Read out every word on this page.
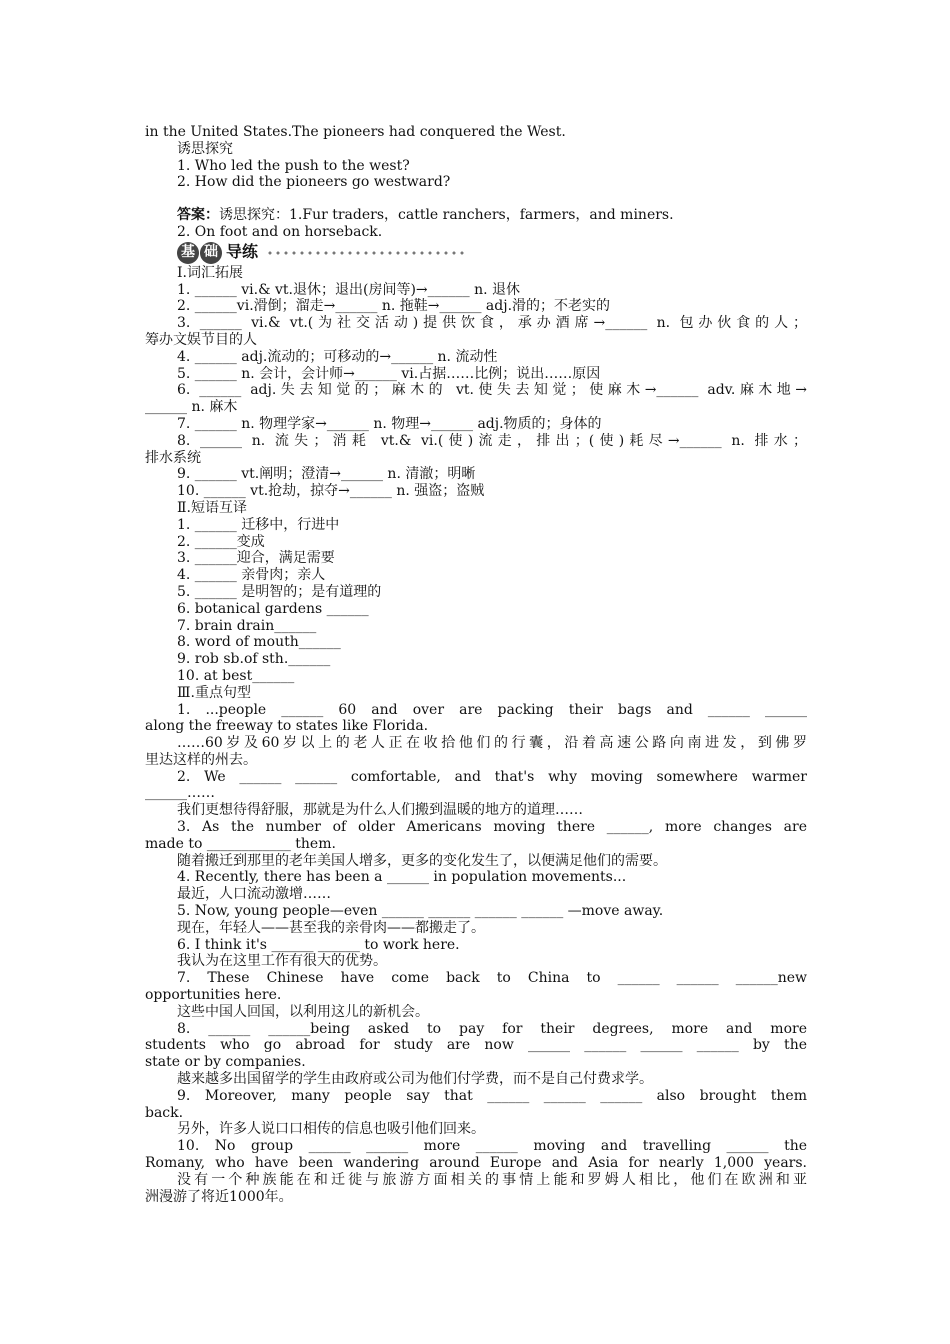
in the United States.The pioneers had conquered the West.
诱思探究
1. Who led the push to the west?
2. How did the pioneers go westward?
答案：诱思探究：1.Fur traders，cattle ranchers，farmers，and miners.
2. On foot and on horseback.
基 础 导练
Ⅰ.词汇拓展
1. ______ vi.& vt.退休；退出(房间等)→______ n. 退休
2. ______vi.滑倒；溜走→______ n. 拖鞋→______ adj.滑的；不老实的
3. ______ vi.& vt.(为社交活动)提供饮食，承办酒席→______ n. 包办伙食的人；
筹办文娱节目的人
4. ______ adj.流动的；可移动的→______ n. 流动性
5. ______ n. 会计，会计师→______ vi.占据……比例；说出……原因
6. ______ adj.失去知觉的；麻木的 vt.使失去知觉；使麻木→______ adv.麻木地→
______ n. 麻木
7. ______ n. 物理学家→______ n. 物理→______ adj.物质的；身体的
8. ______ n. 流失；消耗 vt.& vi.(使)流走，排出；(使)耗尽→______ n. 排水；
排水系统
9. ______ vt.阐明；澄清→______ n. 清澈；明晰
10. ______ vt.抢劫，掠夺→______ n. 强盗；盗贼
Ⅱ.短语互译
1. ______ 迁移中，行进中
2. ______变成
3. ______迎合，满足需要
4. ______ 亲骨肉；亲人
5. ______ 是明智的；是有道理的
6. botanical gardens ______
7. brain drain______
8. word of mouth______
9. rob sb.of sth.______
10. at best______
Ⅲ.重点句型
1. ...people ______ 60 and over are packing their bags and ______ ______
along the freeway to states like Florida.
……60岁及60岁以上的老人正在收拾他们的行囊，沿着高速公路向南进发，到佛罗
里达这样的州去。
2. We ______ ______ comfortable, and that's why moving somewhere warmer
______……
我们更想待得舒服，那就是为什么人们搬到温暖的地方的道理……
3. As the number of older Americans moving there ______, more changes are
made to ____________ them.
随着搬迁到那里的老年美国人增多，更多的变化发生了，以便满足他们的需要。
4. Recently, there has been a ______ in population movements...
最近，人口流动激增……
5. Now, young people—even ______ ______ ______ ______ —move away.
现在，年轻人——甚至我的亲骨肉——都搬走了。
6. I think it's ______ ______ to work here.
我认为在这里工作有很大的优势。
7. These Chinese have come back to China to ______ ______ ______new
opportunities here.
这些中国人回国，以利用这儿的新机会。
8. ______ ______being asked to pay for their degrees, more and more
students who go abroad for study are now ______ ______ ______ ______ by the
state or by companies.
越来越多出国留学的学生由政府或公司为他们付学费，而不是自己付费求学。
9. Moreover, many people say that ______ ______ ______ also brought them
back.
另外，许多人说口口相传的信息也吸引他们回来。
10. No group ______ ______ more ______ moving and travelling ______ the
Romany, who have been wandering around Europe and Asia for nearly 1,000 years.
没有一个种族能在和迁徙与旅游方面相关的事情上能和罗姆人相比，他们在欧洲和亚
洲漫游了将近1000年。
